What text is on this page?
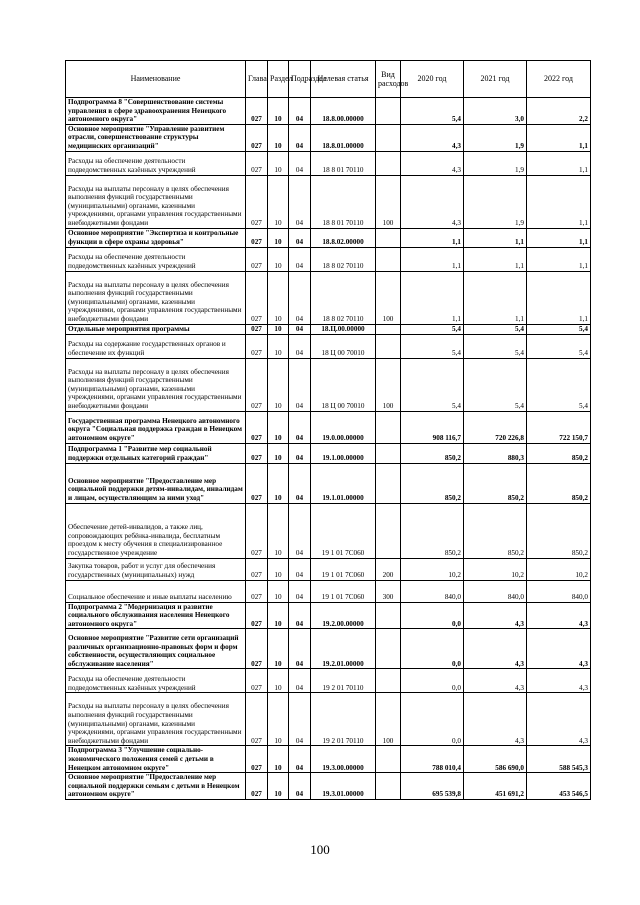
Наименование	Глава	Раздел	Подраздел	Целевая статья	Вид расходов	2020 год	2021 год	2022 год
Подпрограмма 8 "Совершенствование системы управления в сфере здравоохранения Ненецкого автономного округа"	027	10	04	18.8.00.00000		5,4	3,0	2,2
Основное мероприятие "Управление развитием отрасли, совершенствование структуры медицинских организаций"	027	10	04	18.8.01.00000		4,3	1,9	1,1
Расходы на обеспечение деятельности подведомственных казённых учреждений	027	10	04	18 8 01 70110		4,3	1,9	1,1
Расходы на выплаты персоналу в целях обеспечения выполнения функций государственными (муниципальными) органами, казенными учреждениями, органами управления государственными внебюджетными фондами	027	10	04	18 8 01 70110	100	4,3	1,9	1,1
Основное мероприятие "Экспертиза и контрольные функции в сфере охраны здоровья"	027	10	04	18.8.02.00000		1,1	1,1	1,1
Расходы на обеспечение деятельности подведомственных казённых учреждений	027	10	04	18 8 02 70110		1,1	1,1	1,1
Расходы на выплаты персоналу в целях обеспечения выполнения функций государственными (муниципальными) органами, казенными учреждениями, органами управления государственными внебюджетными фондами	027	10	04	18 8 02 70110	100	1,1	1,1	1,1
Отдельные мероприятия программы	027	10	04	18.Ц.00.00000		5,4	5,4	5,4
Расходы на содержание государственных органов и обеспечение их функций	027	10	04	18 Ц 00 70010		5,4	5,4	5,4
Расходы на выплаты персоналу в целях обеспечения выполнения функций государственными (муниципальными) органами, казенными учреждениями, органами управления государственными внебюджетными фондами	027	10	04	18 Ц 00 70010	100	5,4	5,4	5,4
Государственная программа Ненецкого автономного округа "Социальная поддержка граждан в Ненецком автономном округе"	027	10	04	19.0.00.00000		908 116,7	720 226,8	722 150,7
Подпрограмма 1 "Развитие мер социальной поддержки отдельных категорий граждан"	027	10	04	19.1.00.00000		850,2	880,3	850,2
Основное мероприятие "Предоставление мер социальной поддержки детям-инвалидам, инвалидам и лицам, осуществляющим за ними уход"	027	10	04	19.1.01.00000		850,2	850,2	850,2
Обеспечение детей-инвалидов, а также лиц, сопровождающих ребёнка-инвалида, бесплатным проездом к месту обучения в специализированное государственное учреждение	027	10	04	19 1 01 7С060		850,2	850,2	850,2
Закупка товаров, работ и услуг для обеспечения государственных (муниципальных) нужд	027	10	04	19 1 01 7С060	200	10,2	10,2	10,2
Социальное обеспечение и иные выплаты населению	027	10	04	19 1 01 7С060	300	840,0	840,0	840,0
Подпрограмма 2 "Модернизация и развитие социального обслуживания населения Ненецкого автономного округа"	027	10	04	19.2.00.00000		0,0	4,3	4,3
Основное мероприятие "Развитие сети организаций различных организационно-правовых форм и форм собственности, осуществляющих социальное обслуживание населения"	027	10	04	19.2.01.00000		0,0	4,3	4,3
Расходы на обеспечение деятельности подведомственных казённых учреждений	027	10	04	19 2 01 70110		0,0	4,3	4,3
Расходы на выплаты персоналу в целях обеспечения выполнения функций государственными (муниципальными) органами, казенными учреждениями, органами управления государственными внебюджетными фондами	027	10	04	19 2 01 70110	100	0,0	4,3	4,3
Подпрограмма 3 "Улучшение социально-экономического положения семей с детьми в Ненецком автономном округе"	027	10	04	19.3.00.00000		788 010,4	586 690,0	588 545,3
Основное мероприятие "Предоставление мер социальной поддержки семьям с детьми в Ненецком автономном округе"	027	10	04	19.3.01.00000		695 539,8	451 691,2	453 546,5
100
